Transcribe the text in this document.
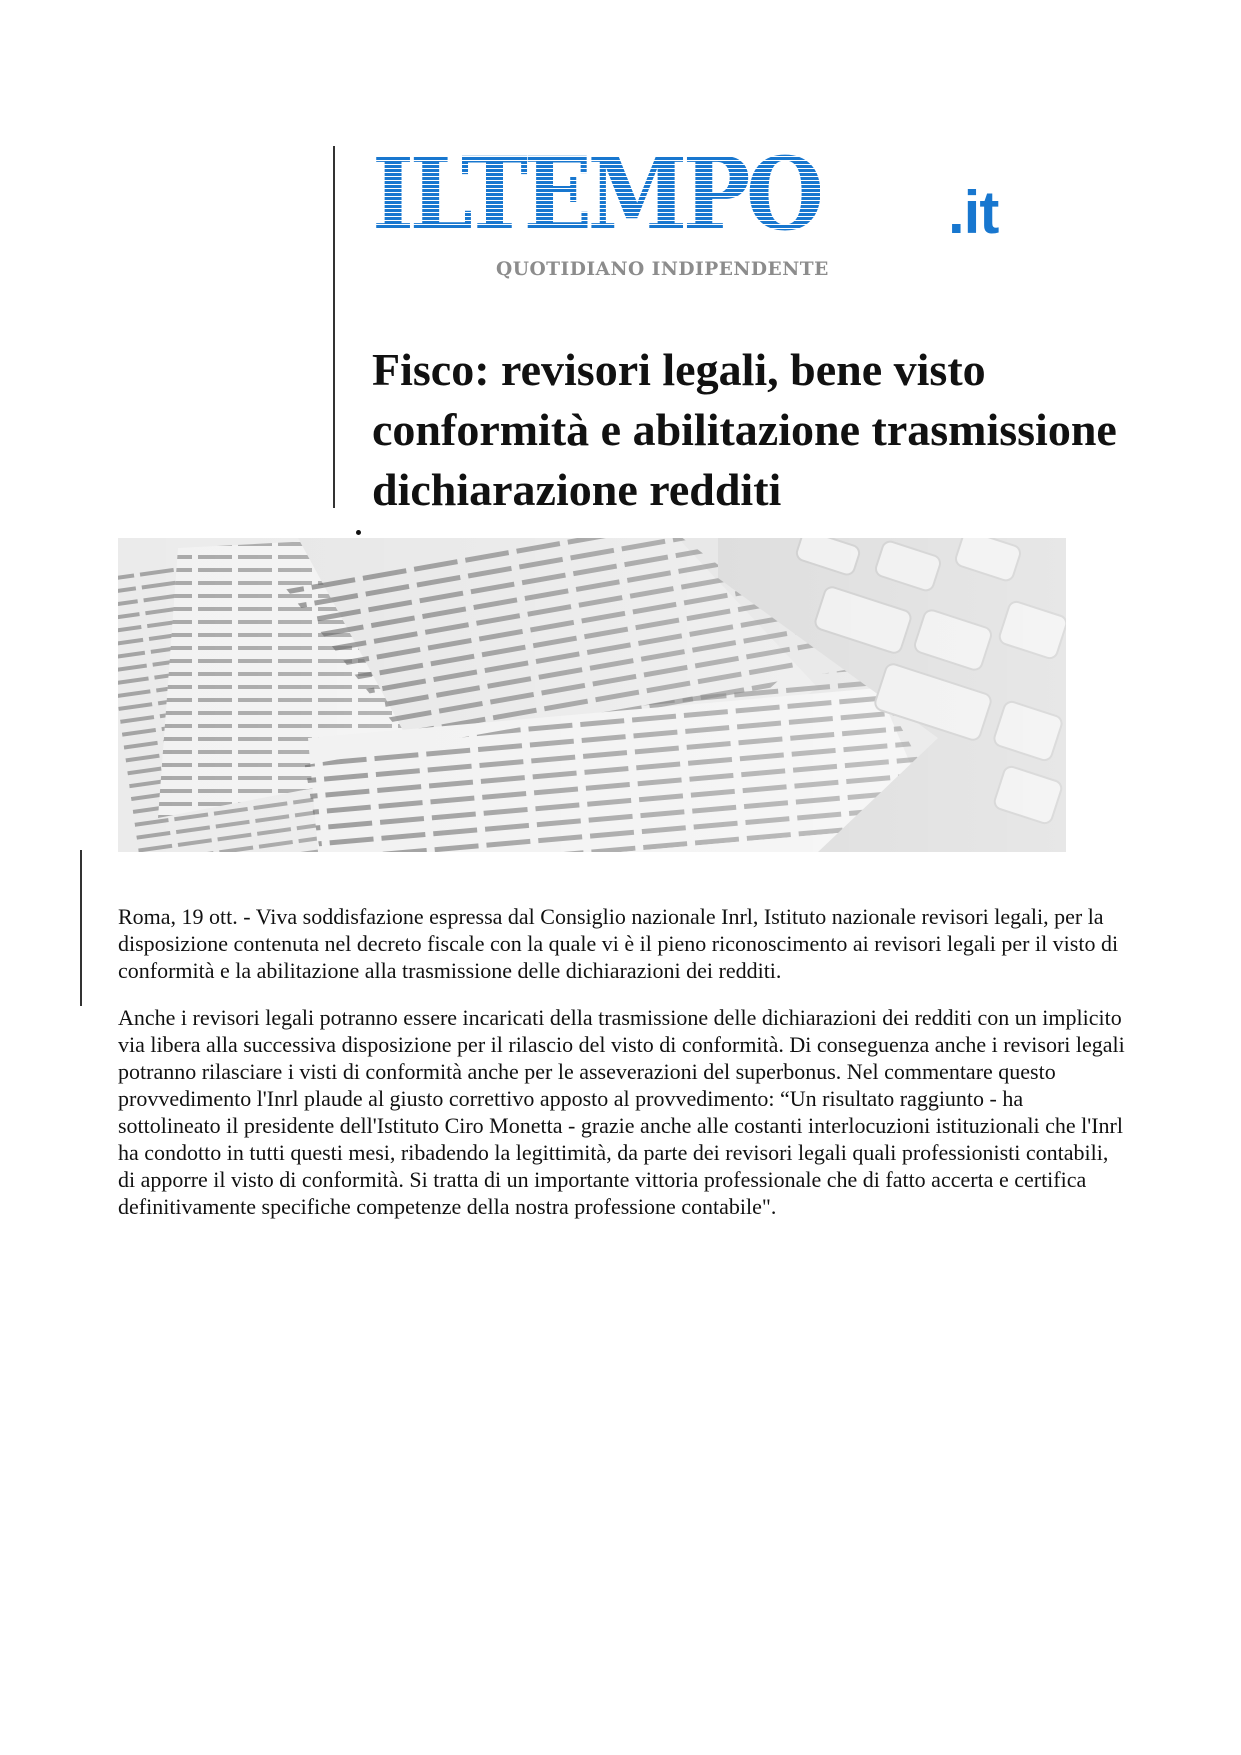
ILTEMPO .it
QUOTIDIANO INDIPENDENTE
Fisco: revisori legali, bene visto conformità e abilitazione trasmissione dichiarazione redditi

Roma, 19 ott. - Viva soddisfazione espressa dal Consiglio nazionale Inrl, Istituto nazionale revisori legali, per la disposizione contenuta nel decreto fiscale con la quale vi è il pieno riconoscimento ai revisori legali per il visto di conformità e la abilitazione alla trasmissione delle dichiarazioni dei redditi.

Anche i revisori legali potranno essere incaricati della trasmissione delle dichiarazioni dei redditi con un implicito via libera alla successiva disposizione per il rilascio del visto di conformità. Di conseguenza anche i revisori legali potranno rilasciare i visti di conformità anche per le asseverazioni del superbonus. Nel commentare questo provvedimento l'Inrl plaude al giusto correttivo apposto al provvedimento: “Un risultato raggiunto - ha sottolineato il presidente dell'Istituto Ciro Monetta - grazie anche alle costanti interlocuzioni istituzionali che l'Inrl ha condotto in tutti questi mesi, ribadendo la legittimità, da parte dei revisori legali quali professionisti contabili, di apporre il visto di conformità. Si tratta di un importante vittoria professionale che di fatto accerta e certifica definitivamente specifiche competenze della nostra professione contabile".
